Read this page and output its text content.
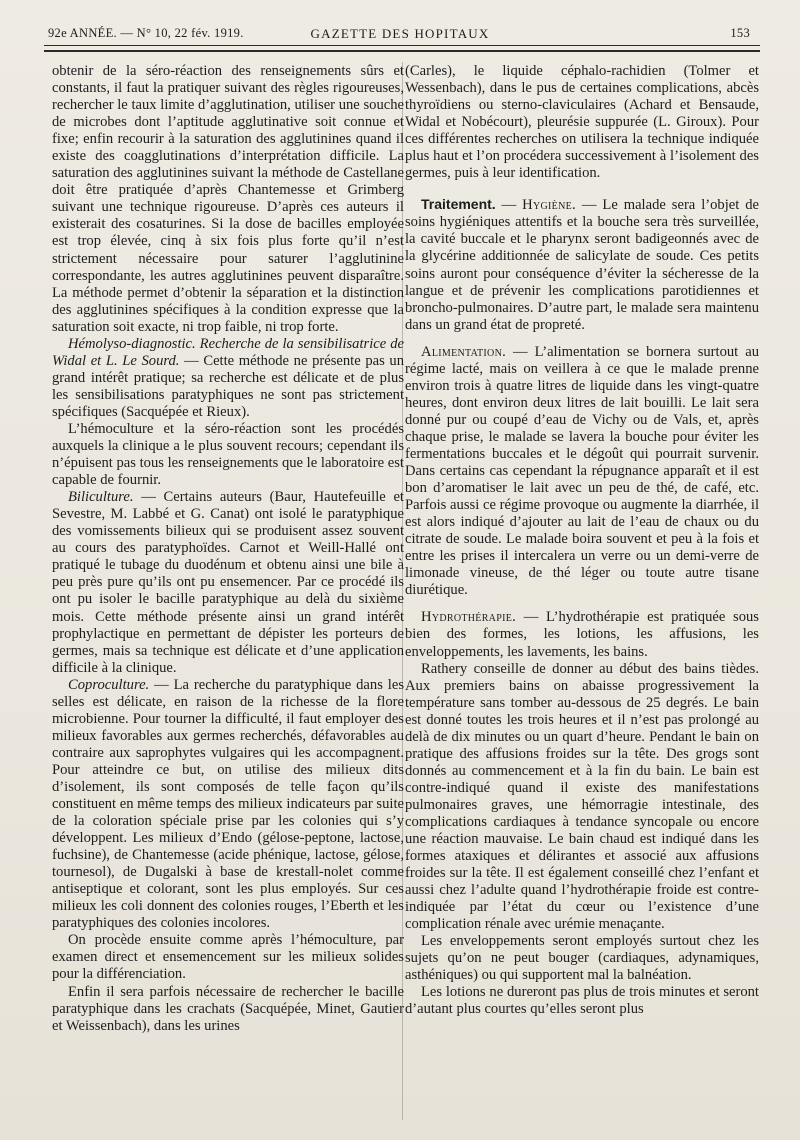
92e ANNÉE. — N° 10, 22 fév. 1919.	GAZETTE DES HOPITAUX	153

obtenir de la séro-réaction des renseignements sûrs et constants, il faut la pratiquer suivant des règles rigoureuses, rechercher le taux limite d’agglutination, utiliser une souche de microbes dont l’aptitude agglutinative soit connue et fixe; enfin recourir à la saturation des agglutinines quand il existe des coagglutinations d’interprétation difficile. La saturation des agglutinines suivant la méthode de Castellane doit être pratiquée d’après Chantemesse et Grimberg suivant une technique rigoureuse. D’après ces auteurs il existerait des cosaturines. Si la dose de bacilles employée est trop élevée, cinq à six fois plus forte qu’il n’est strictement nécessaire pour saturer l’agglutinine correspondante, les autres agglutinines peuvent disparaître. La méthode permet d’obtenir la séparation et la distinction des agglutinines spécifiques à la condition expresse que la saturation soit exacte, ni trop faible, ni trop forte.

Hémolyso-diagnostic. Recherche de la sensibilisatrice de Widal et L. Le Sourd. — Cette méthode ne présente pas un grand intérêt pratique; sa recherche est délicate et de plus les sensibilisations paratyphiques ne sont pas strictement spécifiques (Sacquépée et Rieux).

L’hémoculture et la séro-réaction sont les procédés auxquels la clinique a le plus souvent recours; cependant ils n’épuisent pas tous les renseignements que le laboratoire est capable de fournir.

Biliculture. — Certains auteurs (Baur, Hautefeuille et Sevestre, M. Labbé et G. Canat) ont isolé le paratyphique des vomissements bilieux qui se produisent assez souvent au cours des paratyphoïdes. Carnot et Weill-Hallé ont pratiqué le tubage du duodénum et obtenu ainsi une bile à peu près pure qu’ils ont pu ensemencer. Par ce procédé ils ont pu isoler le bacille paratyphique au delà du sixième mois. Cette méthode présente ainsi un grand intérêt prophylactique en permettant de dépister les porteurs de germes, mais sa technique est délicate et d’une application difficile à la clinique.

Coproculture. — La recherche du paratyphique dans les selles est délicate, en raison de la richesse de la flore microbienne. Pour tourner la difficulté, il faut employer des milieux favorables aux germes recherchés, défavorables au contraire aux saprophytes vulgaires qui les accompagnent. Pour atteindre ce but, on utilise des milieux dits d’isolement, ils sont composés de telle façon qu’ils constituent en même temps des milieux indicateurs par suite de la coloration spéciale prise par les colonies qui s’y développent. Les milieux d’Endo (gélose-peptone, lactose, fuchsine), de Chantemesse (acide phénique, lactose, gélose, tournesol), de Dugalski à base de krestall-nolet comme antiseptique et colorant, sont les plus employés. Sur ces milieux les coli donnent des colonies rouges, l’Eberth et les paratyphiques des colonies incolores.

On procède ensuite comme après l’hémoculture, par examen direct et ensemencement sur les milieux solides pour la différenciation.

Enfin il sera parfois nécessaire de rechercher le bacille paratyphique dans les crachats (Sacquépée, Minet, Gautier et Weissenbach), dans les urines

(Carles), le liquide céphalo-rachidien (Tolmer et Wessenbach), dans le pus de certaines complications, abcès thyroïdiens ou sterno-claviculaires (Achard et Bensaude, Widal et Nobécourt), pleurésie suppurée (L. Giroux). Pour ces différentes recherches on utilisera la technique indiquée plus haut et l’on procédera successivement à l’isolement des germes, puis à leur identification.

Traitement. — Hygiène. — Le malade sera l’objet de soins hygiéniques attentifs et la bouche sera très surveillée, la cavité buccale et le pharynx seront badigeonnés avec de la glycérine additionnée de salicylate de soude. Ces petits soins auront pour conséquence d’éviter la sécheresse de la langue et de prévenir les complications parotidiennes et broncho-pulmonaires. D’autre part, le malade sera maintenu dans un grand état de propreté.

Alimentation. — L’alimentation se bornera surtout au régime lacté, mais on veillera à ce que le malade prenne environ trois à quatre litres de liquide dans les vingt-quatre heures, dont environ deux litres de lait bouilli. Le lait sera donné pur ou coupé d’eau de Vichy ou de Vals, et, après chaque prise, le malade se lavera la bouche pour éviter les fermentations buccales et le dégoût qui pourrait survenir. Dans certains cas cependant la répugnance apparaît et il est bon d’aromatiser le lait avec un peu de thé, de café, etc. Parfois aussi ce régime provoque ou augmente la diarrhée, il est alors indiqué d’ajouter au lait de l’eau de chaux ou du citrate de soude. Le malade boira souvent et peu à la fois et entre les prises il intercalera un verre ou un demi-verre de limonade vineuse, de thé léger ou toute autre tisane diurétique.

Hydrothérapie. — L’hydrothérapie est pratiquée sous bien des formes, les lotions, les affusions, les enveloppements, les lavements, les bains.

Rathery conseille de donner au début des bains tièdes. Aux premiers bains on abaisse progressivement la température sans tomber au-dessous de 25 degrés. Le bain est donné toutes les trois heures et il n’est pas prolongé au delà de dix minutes ou un quart d’heure. Pendant le bain on pratique des affusions froides sur la tête. Des grogs sont donnés au commencement et à la fin du bain. Le bain est contre-indiqué quand il existe des manifestations pulmonaires graves, une hémorragie intestinale, des complications cardiaques à tendance syncopale ou encore une réaction mauvaise. Le bain chaud est indiqué dans les formes ataxiques et délirantes et associé aux affusions froides sur la tête. Il est également conseillé chez l’enfant et aussi chez l’adulte quand l’hydrothérapie froide est contre-indiquée par l’état du cœur ou l’existence d’une complication rénale avec urémie menaçante.

Les enveloppements seront employés surtout chez les sujets qu’on ne peut bouger (cardiaques, adynamiques, asthéniques) ou qui supportent mal la balnéation.

Les lotions ne dureront pas plus de trois minutes et seront d’autant plus courtes qu’elles seront plus
